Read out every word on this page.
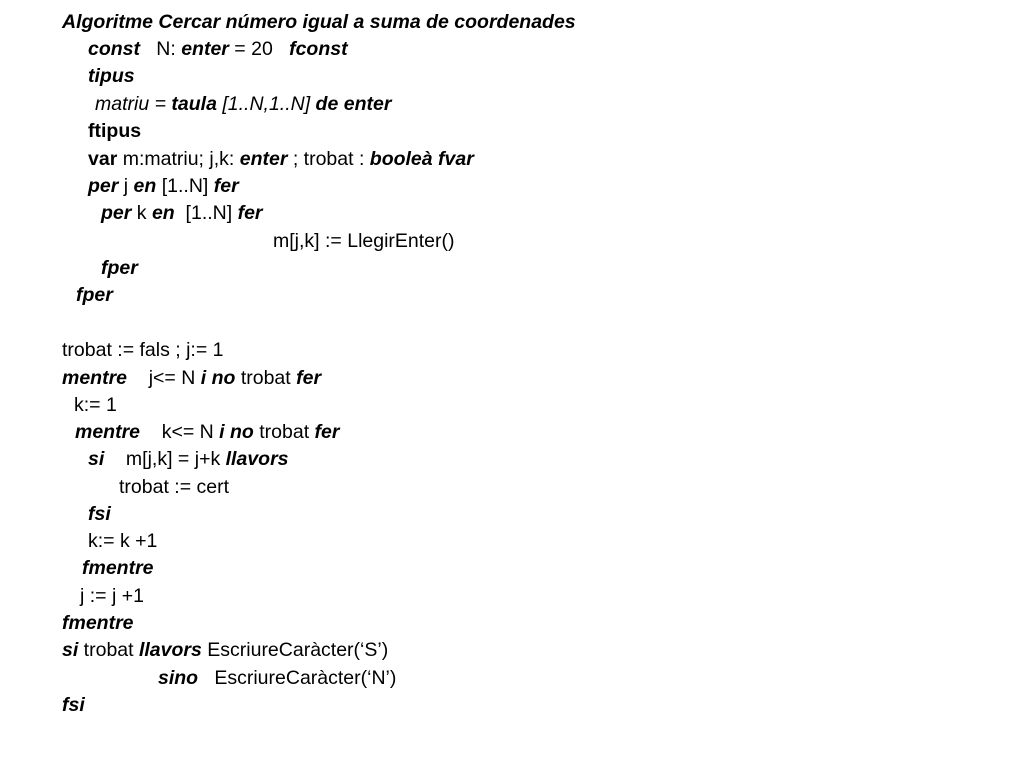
Algoritme Cercar número igual a suma de coordenades
const N: enter = 20 fconst
tipus
matriu = taula [1..N,1..N] de enter
ftipus
var m:matriu; j,k: enter ; trobat : booleà fvar
per j en [1..N] fer
per k en  [1..N] fer
m[j,k] := LlegirEnter()
fper
fper
trobat := fals ; j:= 1
mentre    j<= N i no trobat fer
k:= 1
mentre    k<= N i no trobat fer
si    m[j,k] = j+k llavors
trobat := cert
fsi
k:= k +1
fmentre
j := j +1
fmentre
si trobat llavors EscriureCaràcter(‘S’)
sino   EscriureCaràcter(‘N’)
fsi
